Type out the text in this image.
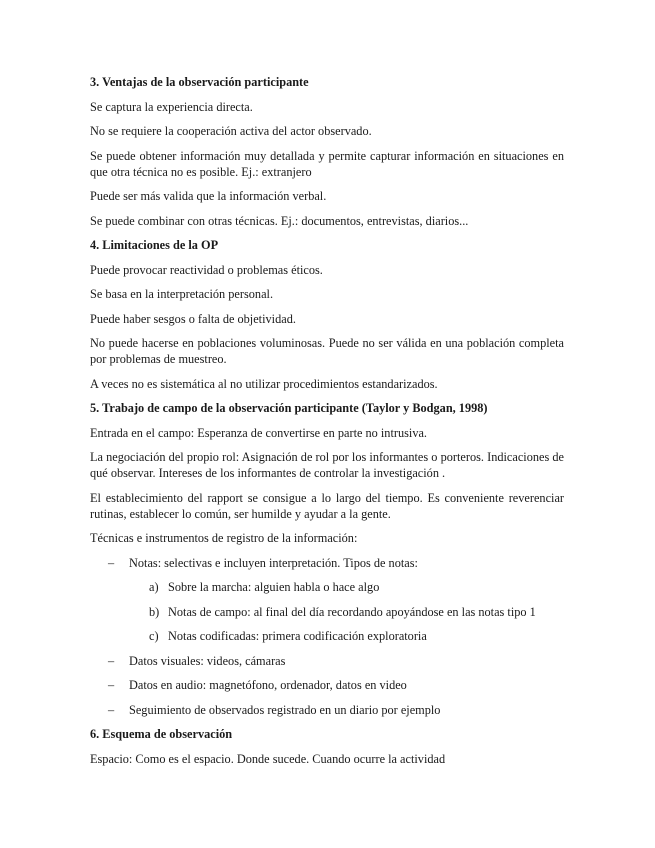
3. Ventajas de la observación participante

Se captura la experiencia directa.

No se requiere la cooperación activa del actor observado.

Se puede obtener información muy detallada y permite capturar información en situaciones en que otra técnica no es posible. Ej.: extranjero

Puede ser más valida que la información verbal.

Se puede combinar con otras técnicas. Ej.: documentos, entrevistas, diarios...

4. Limitaciones de la OP

Puede provocar reactividad o problemas éticos.

Se basa en la interpretación personal.

Puede haber sesgos o falta de objetividad.

No puede hacerse en poblaciones voluminosas. Puede no ser válida en una población completa por problemas de muestreo.

A veces no es sistemática al no utilizar procedimientos estandarizados.

5. Trabajo de campo de la observación participante (Taylor y Bodgan, 1998)

Entrada en el campo: Esperanza de convertirse en parte no intrusiva.

La negociación del propio rol: Asignación de rol por los informantes o porteros. Indicaciones de qué observar. Intereses de los informantes de controlar la investigación .

El establecimiento del rapport se consigue a lo largo del tiempo. Es conveniente reverenciar rutinas, establecer lo común, ser humilde y ayudar a la gente.

Técnicas e instrumentos de registro de la información:

– Notas: selectivas e incluyen interpretación. Tipos de notas:
a) Sobre la marcha: alguien habla o hace algo
b) Notas de campo: al final del día recordando apoyándose en las notas tipo 1
c) Notas codificadas: primera codificación exploratoria
– Datos visuales: videos, cámaras
– Datos en audio: magnetófono, ordenador, datos en video
– Seguimiento de observados registrado en un diario por ejemplo
6. Esquema de observación

Espacio: Como es el espacio. Donde sucede. Cuando ocurre la actividad
